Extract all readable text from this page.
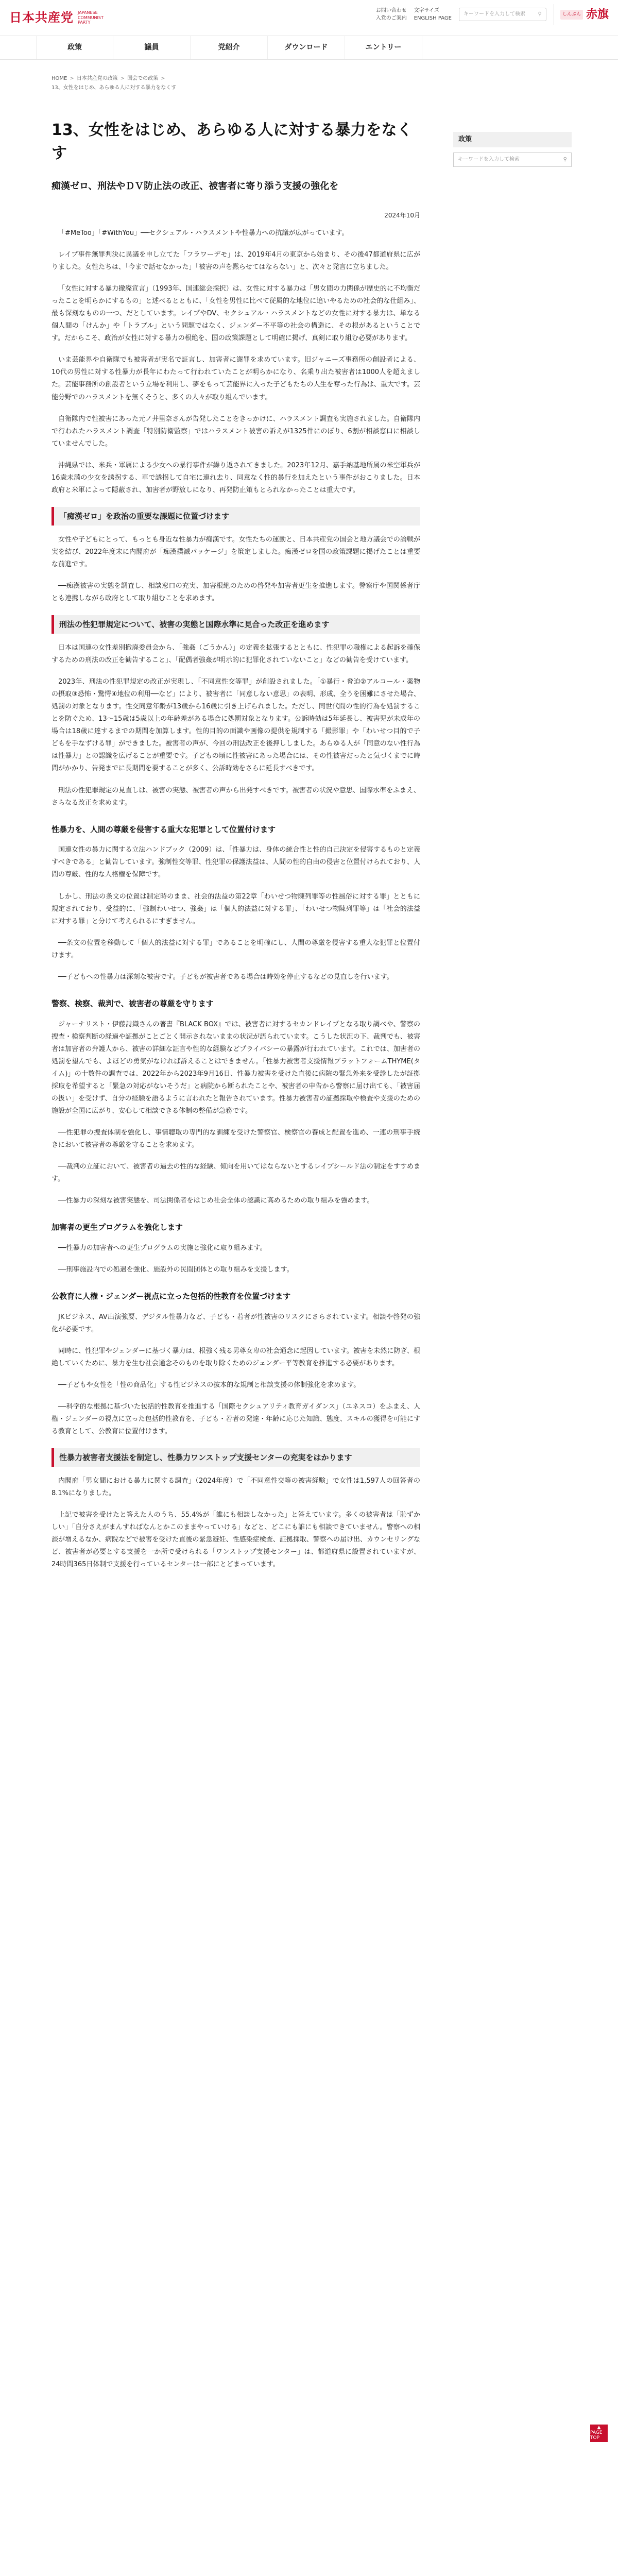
日本共産党 JAPANESE COMMUNIST PARTY
お問い合わせ
入党のご案内
文字サイズ
ENGLISH PAGE
キーワードを入力して検索 ⚲	しんぶん 赤旗
政策	議員	党紹介	ダウンロード	エントリー
HOME > 日本共産党の政策 > 国会での政策 >
13、女性をはじめ、あらゆる人に対する暴力をなくす
13、女性をはじめ、あらゆる人に対する暴力をなくす
痴漢ゼロ、刑法やＤＶ防止法の改正、被害者に寄り添う支援の強化を
2024年10月

「#MeToo」「#WithYou」──セクシュアル・ハラスメントや性暴力への抗議が広がっています。

レイプ事件無罪判決に異議を申し立てた「フラワーデモ」は、2019年4月の東京から始まり、その後47都道府県に広がりました。女性たちは、「今まで話せなかった」「被害の声を黙らせてはならない」と、次々と発言に立ちました。

「女性に対する暴力撤廃宣言」（1993年、国連総会採択）は、女性に対する暴力は「男女間の力関係が歴史的に不均衡だったことを明らかにするもの」と述べるとともに、「女性を男性に比べて従属的な地位に追いやるための社会的な仕組み」、最も深刻なものの一つ、だとしています。レイプやDV、セクシュアル・ハラスメントなどの女性に対する暴力は、単なる個人間の「けんか」や「トラブル」という問題ではなく、ジェンダー不平等の社会の構造に、その根があるということです。だからこそ、政治が女性に対する暴力の根絶を、国の政策課題として明確に掲げ、真剣に取り組む必要があります。

いま芸能界や自衛隊でも被害者が実名で証言し、加害者に謝罪を求めています。旧ジャニーズ事務所の創設者による、10代の男性に対する性暴力が長年にわたって行われていたことが明らかになり、名乗り出た被害者は1000人を超えました。芸能事務所の創設者という立場を利用し、夢をもって芸能界に入った子どもたちの人生を奪った行為は、重大です。芸能分野でのハラスメントを無くそうと、多くの人々が取り組んでいます。

自衛隊内で性被害にあった元ノ井里奈さんが告発したことをきっかけに、ハラスメント調査も実施されました。自衛隊内で行われたハラスメント調査「特別防衛監察」ではハラスメント被害の訴えが1325件にのぼり、6割が相談窓口に相談していませんでした。

沖縄県では、米兵・軍属による少女への暴行事件が繰り返されてきました。2023年12月、嘉手納基地所属の米空軍兵が16歳未満の少女を誘拐する、車で誘拐して自宅に連れ去り、同意なく性的暴行を加えたという事件がおこりました。日本政府と米軍によって隠蔽され、加害者が野放しになり、再発防止策もとられなかったことは重大です。

「痴漢ゼロ」を政治の重要な課題に位置づけます

女性や子どもにとって、もっとも身近な性暴力が痴漢です。女性たちの運動と、日本共産党の国会と地方議会での論戦が実を結び、2022年度末に内閣府が「痴漢撲滅パッケージ」を策定しました。痴漢ゼロを国の政策課題に掲げたことは重要な前進です。

──痴漢被害の実態を調査し、相談窓口の充実、加害根絶のための啓発や加害者更生を推進します。警察庁や国関係者庁とも連携しながら政府として取り組むことを求めます。

刑法の性犯罪規定について、被害の実態と国際水準に見合った改正を進めます

日本は国連の女性差別撤廃委員会から、「強姦（ごうかん）」の定義を拡張するとともに、性犯罪の職権による起訴を確保するための刑法の改正を勧告すること」、「配偶者強姦が明示的に犯罪化されていないこと」などの勧告を受けています。

2023年、刑法の性犯罪規定の改正が実現し、「不同意性交等罪」が創設されました。「①暴行・脅迫②アルコール・薬物の摂取③恐怖・驚愕④地位の利用──など」により、被害者に「同意しない意思」の表明、形成、全うを困難にさせた場合、処罰の対象となります。性交同意年齢が13歳から16歳に引き上げられました。ただし、同世代間の性的行為を処罰することを防ぐため、13〜15歳は5歳以上の年齢差がある場合に処罰対象となります。公訴時効は5年延長し、被害児が未成年の場合は18歳に達するまでの期間を加算します。性的目的の面識や画像の提供を規制する「撮影罪」や「わいせつ目的で子どもを手なずける罪」ができました。被害者の声が、今回の刑法改正を後押ししました。あらゆる人が「同意のない性行為は性暴力」との認識を広げることが重要です。子どもの頃に性被害にあった場合には、その性被害だったと気づくまでに時間がかかり、告発までに長期間を要することが多く、公訴時効をさらに延長すべきです。

刑法の性犯罪規定の見直しは、被害の実態、被害者の声から出発すべきです。被害者の状況や意思、国際水準をふまえ、さらなる改正を求めます。

性暴力を、人間の尊厳を侵害する重大な犯罪として位置付けます

国連女性の暴力に関する立法ハンドブック（2009）は、「性暴力は、身体の統合性と性的自己決定を侵害するものと定義すべきである」と勧告しています。強制性交等罪、性犯罪の保護法益は、人間の性的自由の侵害と位置付けられており、人間の尊厳、性的な人格権を保障です。

しかし、刑法の条文の位置は制定時のまま、社会的法益の第22章「わいせつ物陳列罪等の性風俗に対する罪」とともに規定されており、受益的に、「強制わいせつ、強姦」は「個人的法益に対する罪」、「わいせつ物陳列罪等」は「社会的法益に対する罪」と分けて考えられるにすぎません。

──条文の位置を移動して「個人的法益に対する罪」であることを明確にし、人間の尊厳を侵害する重大な犯罪と位置付けます。

──子どもへの性暴力は深刻な被害です。子どもが被害者である場合は時効を停止するなどの見直しを行います。

警察、検察、裁判で、被害者の尊厳を守ります

ジャーナリスト・伊藤詩織さんの著書『BLACK BOX』では、被害者に対するセカンドレイプとなる取り調べや、警察の捜査・検察判断の経過や証拠がことごとく開示されないままの状況が語られています。こうした状況の下、裁判でも、被害者は加害者の弁護人から、被害の詳細な証言や性的な経験などプライバシーの暴露が行われています。これでは、加害者の処罰を望んでも、よほどの勇気がなければ訴えることはできません。「性暴力被害者支援情報プラットフォームTHYME(タイム)」の十数件の調査では、2022年から2023年9月16日、性暴力被害を受けた直後に病院の緊急外来を受診したが証拠採取を希望すると「緊急の対応がないそうだ」と病院から断られたことや、被害者の申告から警察に届け出ても、「被害届の扱い」を受けず、自分の経験を語るように言われたと報告されています。性暴力被害者の証拠採取や検査や支援のための施設が全国に広がり、安心して相談できる体制の整備が急務です。

──性犯罪の捜査体制を強化し、事情聴取の専門的な訓練を受けた警察官、検察官の養成と配置を進め、一連の刑事手続きにおいて被害者の尊厳を守ることを求めます。

──裁判の立証において、被害者の過去の性的な経験、傾向を用いてはならないとするレイプシールド法の制定をすすめます。

──性暴力の深刻な被害実態を、司法関係者をはじめ社会全体の認識に高めるための取り組みを強めます。

加害者の更生プログラムを強化します

──性暴力の加害者への更生プログラムの実施と強化に取り組みます。

──刑事施設内での処遇を強化、施設外の民間団体との取り組みを支援します。

公教育に人権・ジェンダー視点に立った包括的性教育を位置づけます

JKビジネス、AV出演強要、デジタル性暴力など、子ども・若者が性被害のリスクにさらされています。相談や啓発の強化が必要です。

同時に、性犯罪やジェンダーに基づく暴力は、根強く残る男尊女卑の社会通念に起因しています。被害を未然に防ぎ、根絶していくために、暴力を生む社会通念そのものを取り除くためのジェンダー平等教育を推進する必要があります。

──子どもや女性を「性の商品化」する性ビジネスの抜本的な規制と相談支援の体制強化を求めます。

──科学的な根拠に基づいた包括的性教育を推進する「国際セクシュアリティ教育ガイダンス」（ユネスコ）をふまえ、人権・ジェンダーの視点に立った包括的性教育を、子ども・若者の発達・年齢に応じた知識、態度、スキルの獲得を可能にする教育として、公教育に位置付けます。

性暴力被害者支援法を制定し、性暴力ワンストップ支援センターの充実をはかります

内閣府「男女間における暴力に関する調査」（2024年度）で「不同意性交等の被害経験」で女性は1,597人の回答者の8.1%になりました。

上記で被害を受けたと答えた人のうち、55.4%が「誰にも相談しなかった」と答えています。多くの被害者は「恥ずかしい」「自分さえがまんすればなんとかこのままやっていける」などと、どこにも誰にも相談できていません。警察への相談が増えるなか、病院などで被害を受けた直後の緊急避妊、性感染症検査、証拠採取、警察への届け出、カウンセリングなど、被害者が必要とする支援を一か所で受けられる「ワンストップ支援センター」は、都道府県に設置されていますが、24時間365日体制で支援を行っているセンターは一部にとどまっています。

政策
キーワードを入力して検索	⚲
▲
PAGE TOP
